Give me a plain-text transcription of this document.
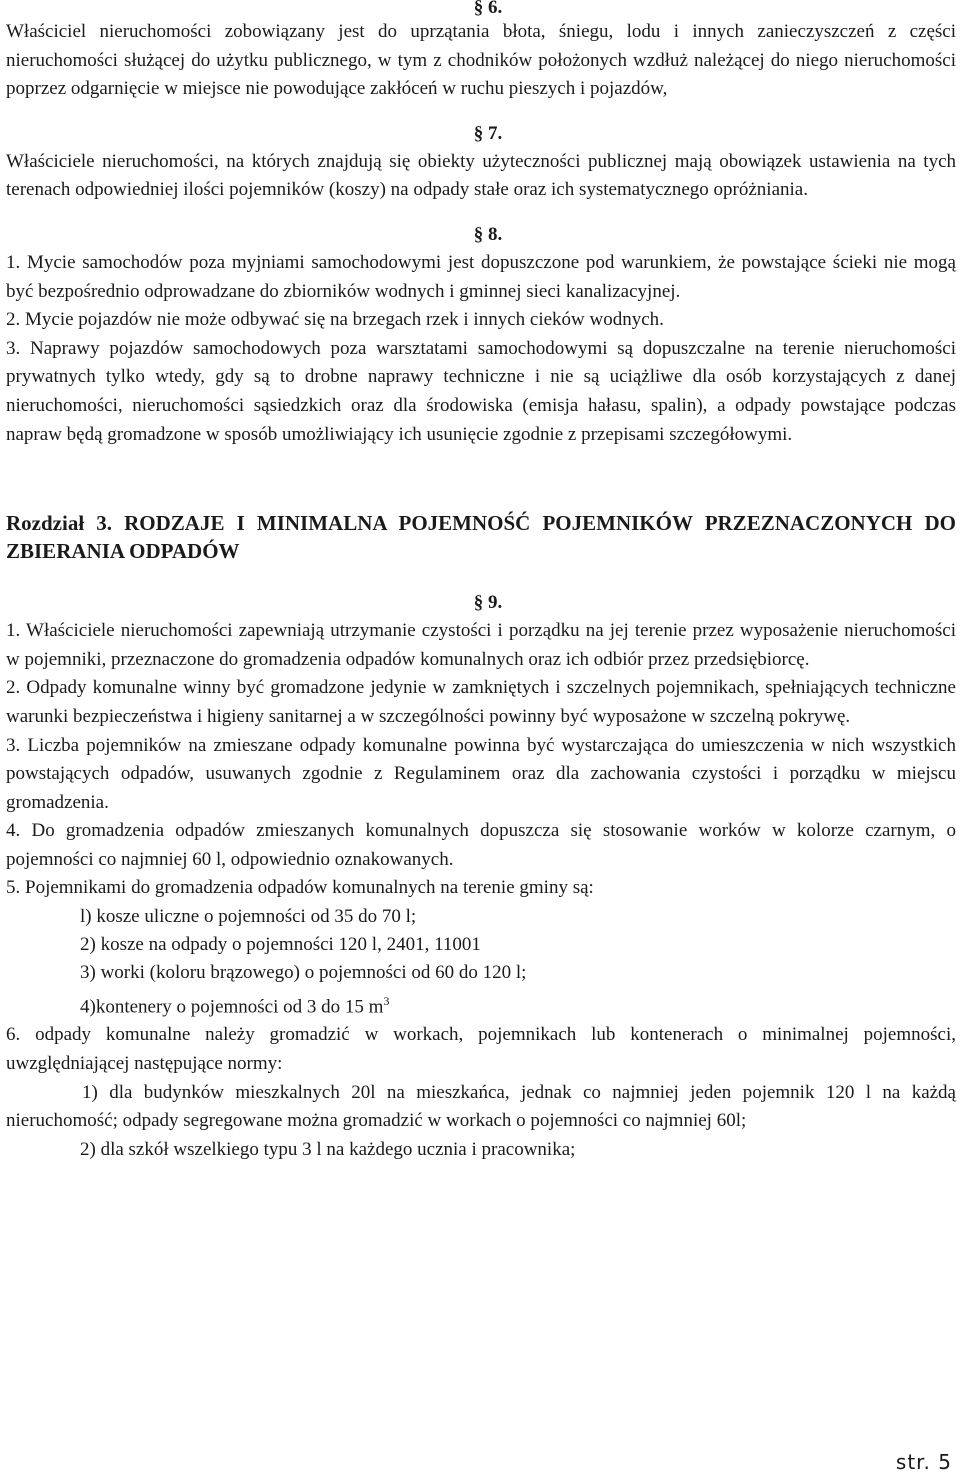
§ 6.

Właściciel nieruchomości zobowiązany jest do uprzątania błota, śniegu, lodu i innych zanieczyszczeń z części nieruchomości służącej do użytku publicznego, w tym z chodników położonych wzdłuż należącej do niego nieruchomości poprzez odgarnięcie w miejsce nie powodujące zakłóceń w ruchu pieszych i pojazdów,

§ 7.

Właściciele nieruchomości, na których znajdują się obiekty użyteczności publicznej mają obowiązek ustawienia na tych terenach odpowiedniej ilości pojemników (koszy) na odpady stałe oraz ich systematycznego opróżniania.

§ 8.

1. Mycie samochodów poza myjniami samochodowymi jest dopuszczone pod warunkiem, że powstające ścieki nie mogą być bezpośrednio odprowadzane do zbiorników wodnych i gminnej sieci kanalizacyjnej.

2. Mycie pojazdów nie może odbywać się na brzegach rzek i innych cieków wodnych.

3. Naprawy pojazdów samochodowych poza warsztatami samochodowymi są dopuszczalne na terenie nieruchomości prywatnych tylko wtedy, gdy są to drobne naprawy techniczne i nie są uciążliwe dla osób korzystających z danej nieruchomości, nieruchomości sąsiedzkich oraz dla środowiska (emisja hałasu, spalin), a odpady powstające podczas napraw będą gromadzone w sposób umożliwiający ich usunięcie zgodnie z przepisami szczegółowymi.

Rozdział 3. RODZAJE I MINIMALNA POJEMNOŚĆ POJEMNIKÓW PRZEZNACZONYCH DO ZBIERANIA ODPADÓW

§ 9.

1. Właściciele nieruchomości zapewniają utrzymanie czystości i porządku na jej terenie przez wyposażenie nieruchomości w pojemniki, przeznaczone do gromadzenia odpadów komunalnych oraz ich odbiór przez przedsiębiorcę.

2. Odpady komunalne winny być gromadzone jedynie w zamkniętych i szczelnych pojemnikach, spełniających techniczne warunki bezpieczeństwa i higieny sanitarnej a w szczególności powinny być wyposażone w szczelną pokrywę.

3. Liczba pojemników na zmieszane odpady komunalne powinna być wystarczająca do umieszczenia w nich wszystkich powstających odpadów, usuwanych zgodnie z Regulaminem oraz dla zachowania czystości i porządku w miejscu gromadzenia.

4. Do gromadzenia odpadów zmieszanych komunalnych dopuszcza się stosowanie worków w kolorze czarnym, o pojemności co najmniej 60 l, odpowiednio oznakowanych.

5. Pojemnikami do gromadzenia odpadów komunalnych na terenie gminy są:

l) kosze uliczne o pojemności od 35 do 70 l;

2) kosze na odpady o pojemności 120 l, 2401, 11001

3) worki (koloru brązowego) o pojemności od 60 do 120 l;

4)kontenery o pojemności od 3 do 15 $m^3$

6. odpady komunalne należy gromadzić w workach, pojemnikach lub kontenerach o minimalnej pojemności, uwzględniającej następujące normy:

1) dla budynków mieszkalnych 20l na mieszkańca, jednak co najmniej jeden pojemnik 120 l na każdą nieruchomość; odpady segregowane można gromadzić w workach o pojemności co najmniej 60l;

2) dla szkół wszelkiego typu 3 l na każdego ucznia i pracownika;

str. 5
